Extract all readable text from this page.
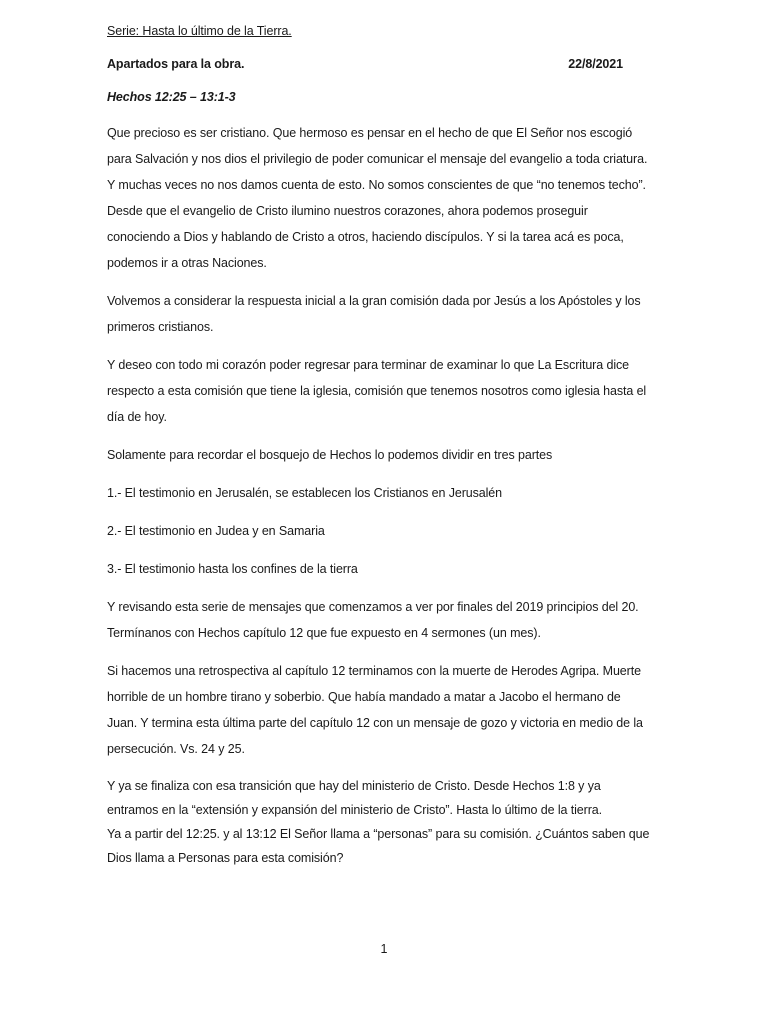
Serie: Hasta lo último de la Tierra.
Apartados para la obra.	22/8/2021
Hechos 12:25 – 13:1-3

Que precioso es ser cristiano. Que hermoso es pensar en el hecho de que El Señor nos escogió
para Salvación y nos dios el privilegio de poder comunicar el mensaje del evangelio a toda criatura.
Y muchas veces no nos damos cuenta de esto. No somos conscientes de que “no tenemos techo”.
Desde que el evangelio de Cristo ilumino nuestros corazones, ahora podemos proseguir
conociendo a Dios y hablando de Cristo a otros, haciendo discípulos. Y si la tarea acá es poca,
podemos ir a otras Naciones.

Volvemos a considerar la respuesta inicial a la gran comisión dada por Jesús a los Apóstoles y los
primeros cristianos.

Y deseo con todo mi corazón poder regresar para terminar de examinar lo que La Escritura dice
respecto a esta comisión que tiene la iglesia, comisión que tenemos nosotros como iglesia hasta el
día de hoy.

Solamente para recordar el bosquejo de Hechos lo podemos dividir en tres partes

1.- El testimonio en Jerusalén, se establecen los Cristianos en Jerusalén

2.- El testimonio en Judea y en Samaria

3.- El testimonio hasta los confines de la tierra

Y revisando esta serie de mensajes que comenzamos a ver por finales del 2019 principios del 20.
Termínanos con Hechos capítulo 12 que fue expuesto en 4 sermones (un mes).

Si hacemos una retrospectiva al capítulo 12 terminamos con la muerte de Herodes Agripa. Muerte
horrible de un hombre tirano y soberbio. Que había mandado a matar a Jacobo el hermano de
Juan. Y termina esta última parte del capítulo 12 con un mensaje de gozo y victoria en medio de la
persecución. Vs. 24 y 25.

Y ya se finaliza con esa transición que hay del ministerio de Cristo. Desde Hechos 1:8 y ya
entramos en la “extensión y expansión del ministerio de Cristo”. Hasta lo último de la tierra.
Ya a partir del 12:25. y al 13:12 El Señor llama a “personas” para su comisión. ¿Cuántos saben que
Dios llama a Personas para esta comisión?

1
